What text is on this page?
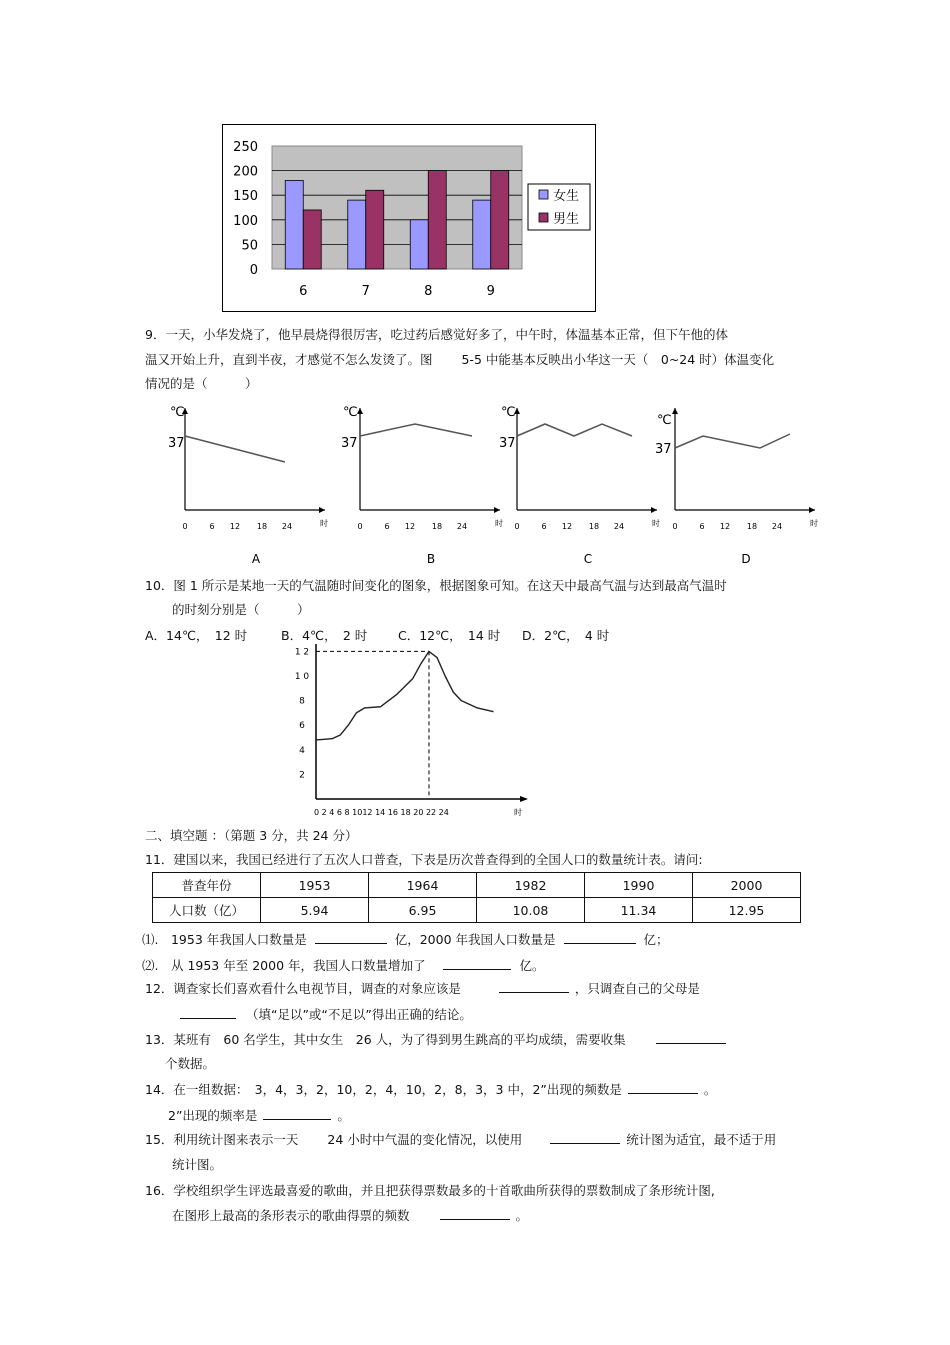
250
200
150
100
50
0
6	7	8	9
女生
男生
9．一天，小华发烧了，他早晨烧得很厉害，吃过药后感觉好多了，中午时，体温基本正常，但下午他的体
温又开始上升，直到半夜，才感觉不怎么发烫了。图　　 5-5 中能基本反映出小华这一天（　0~24 时）体温变化
情况的是（　　　）
℃
37
0	6 12 18 24	时
A
℃
37
0	6 12 18 24	时
B
℃
37
0	6 12 18 24	时
C
℃
37
0	6 12 18 24	时
D
10．图 1 所示是某地一天的气温随时间变化的图象，根据图象可知。在这天中最高气温与达到最高气温时
的时刻分别是（　　　）
A．14℃，　12 时	B．4℃，　2 时 C．12℃，　14 时 D．2℃，　4 时
1 2
1 0
8
6
4
2
0 2 4 6 8 1012 14 16 18 20 22 24	时
二、填空题 ：（第题 3 分，共 24 分）
11．建国以来，我国已经进行了五次人口普查，下表是历次普查得到的全国人口的数量统计表。请问:
普查年份	1953	1964	1982	1990	2000
人口数（亿）	5.94	6.95	10.08	11.34	12.95
⑴.　1953 年我国人口数量是	亿，2000 年我国人口数量是	亿；
⑵.　从 1953 年至 2000 年，我国人口数量增加了	亿。
12．调查家长们喜欢看什么电视节目，调查的对象应该是	，只调查自己的父母是
（填“足以”或“不足以”得出正确的结论。
13．某班有　60 名学生，其中女生　26 人，为了得到男生跳高的平均成绩，需要收集
个数据。
14．在一组数据：　3，4，3，2，10，2，4，10，2，8，3，3 中，2”出现的频数是	。
2”出现的频率是	。
15．利用统计图来表示一天　　 24 小时中气温的变化情况，以使用	统计图为适宜，最不适于用
统计图。
16．学校组织学生评选最喜爱的歌曲，并且把获得票数最多的十首歌曲所获得的票数制成了条形统计图,
在图形上最高的条形表示的歌曲得票的频数	。
